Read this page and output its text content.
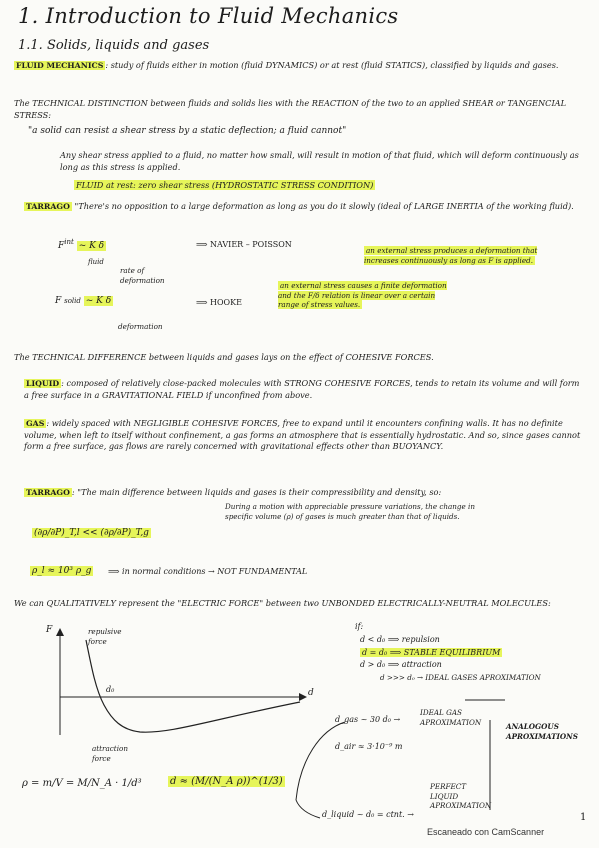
1. Introduction to Fluid Mechanics
1.1. Solids, liquids and gases
FLUID MECHANICS : study of fluids either in motion (fluid DYNAMICS) or at rest (fluid STATICS), classified by liquids and gases.
The TECHNICAL DISTINCTION between fluids and solids lies with the REACTION of the two to an applied SHEAR or TANGENCIAL STRESS:
"a solid can resist a shear stress by a static deflection; a fluid cannot"
Any shear stress applied to a fluid, no matter how small, will result in motion of that fluid, which will deform continuously as long as this stress is applied.
FLUID at rest: zero shear stress (HYDROSTATIC STRESS CONDITION)
TARRAGO "There's no opposition to a large deformation as long as you do it slowly (ideal of LARGE INERTIA of the working fluid).
$F^{int}$ ~ K δ̇
fluid
rate of deformation
⟹ NAVIER – POISSON
an external stress produces a deformation that increases continuously as long as F is applied.
F solid ~ K δ
deformation
⟹ HOOKE
an external stress causes a finite deformation and the F/δ relation is linear over a certain range of stress values.
The TECHNICAL DIFFERENCE between liquids and gases lays on the effect of COHESIVE FORCES.
LIQUID : composed of relatively close-packed molecules with STRONG COHESIVE FORCES, tends to retain its volume and will form a free surface in a GRAVITATIONAL FIELD if unconfined from above.
GAS : widely spaced with NEGLIGIBLE COHESIVE FORCES, free to expand until it encounters confining walls. It has no definite volume, when left to itself without confinement, a gas forms an atmosphere that is essentially hydrostatic. And so, since gases cannot form a free surface, gas flows are rarely concerned with gravitational effects other than BUOYANCY.
TARRAGO : "The main difference between liquids and gases is their compressibility and density, so:
(∂ρ/∂P)_T,l << (∂ρ/∂P)_T,g
During a motion with appreciable pressure variations, the change in specific volume (ρ) of gases is much greater than that of liquids.
ρ_l ≈ 10³ ρ_g ⟹ in normal conditions → NOT FUNDAMENTAL
We can QUALITATIVELY represent the "ELECTRIC FORCE" between two UNBONDED ELECTRICALLY-NEUTRAL MOLECULES:
F
d
repulsive force
attraction force
d₀
if:
d < d₀ ⟹ repulsion
d = d₀ ⟹ STABLE EQUILIBRIUM
d > d₀ ⟹ attraction
d >>> d₀ → IDEAL GASES APROXIMATION
ρ = m/V = M/N_A · 1/d³	d ≈ (M/(N_A ρ))^(1/3)
d_gas ~ 30 d₀ →
IDEAL GAS APROXIMATION
d_air ≈ 3·10⁻⁹ m
ANALOGOUS APROXIMATIONS
d_liquid ~ d₀ = ctnt. →
PERFECT LIQUID APROXIMATION
1
Escaneado con CamScanner
